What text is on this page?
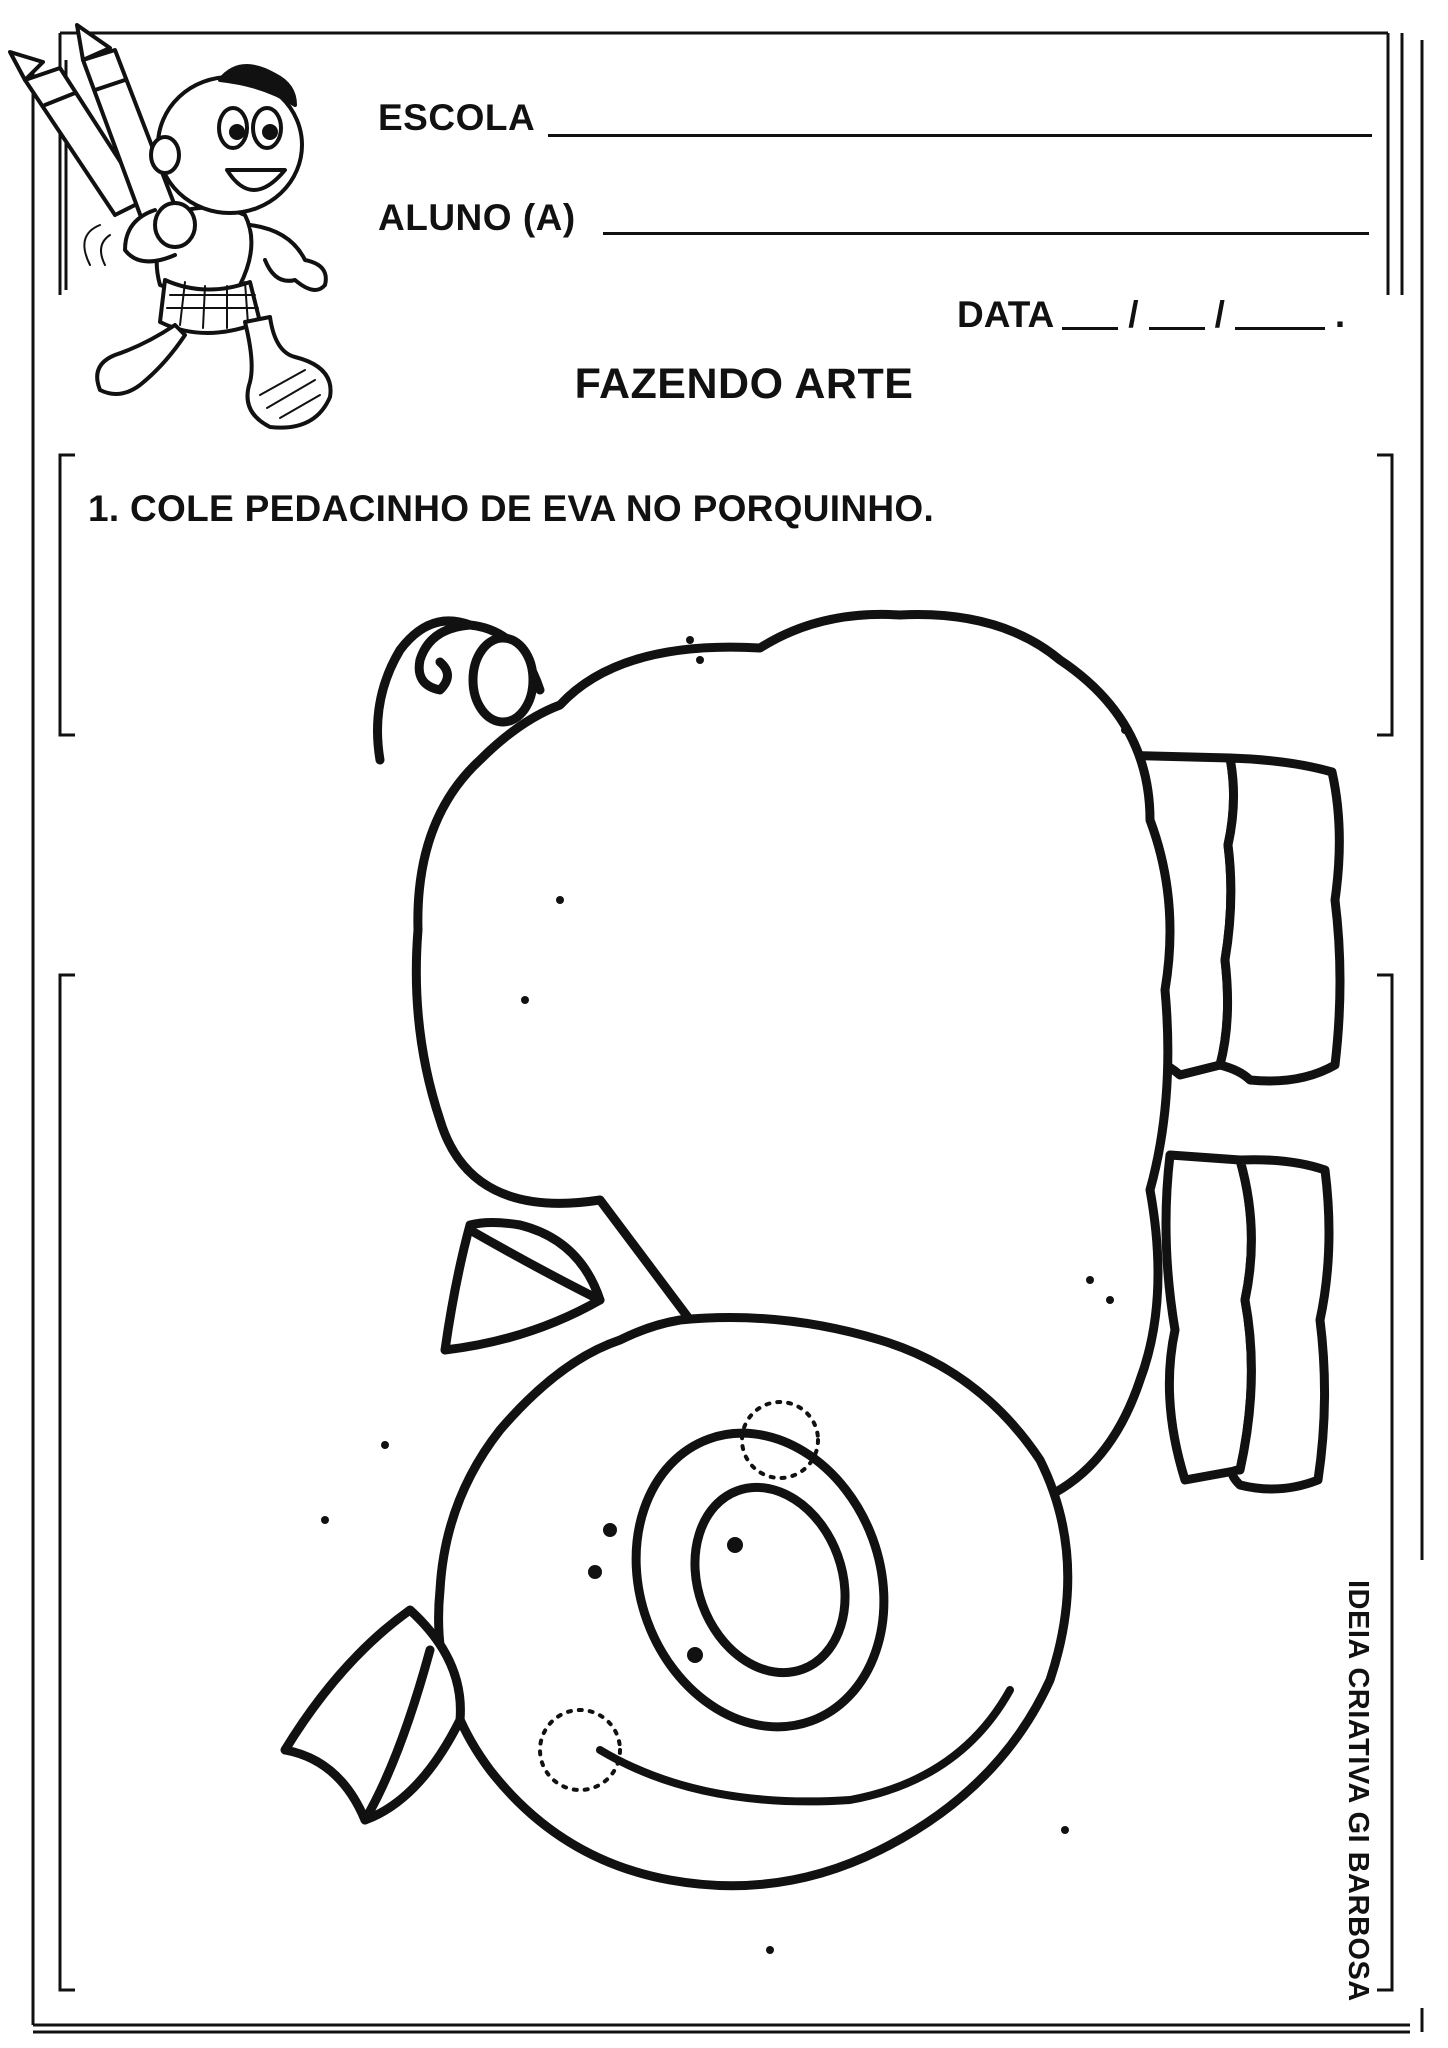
ESCOLA
ALUNO (A)
DATA / /	.
FAZENDO ARTE
1. COLE PEDACINHO DE EVA NO PORQUINHO.
IDEIA CRIATIVA GI BARBOSA
